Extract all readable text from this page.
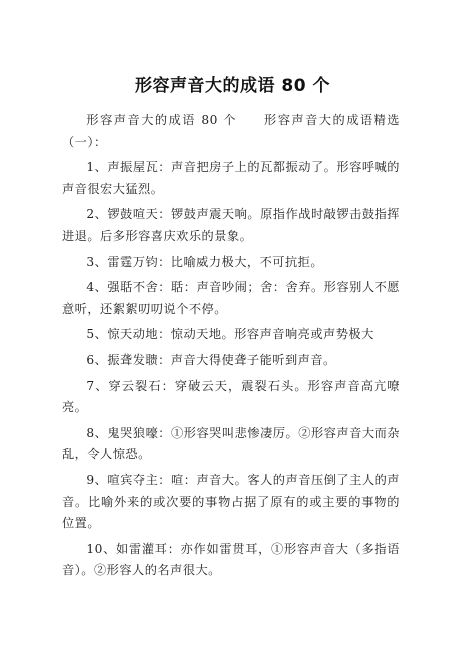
形容声音大的成语 80 个

形容声音大的成语 80 个 形容声音大的成语精选（一）：

1、声振屋瓦：声音把房子上的瓦都振动了。形容呼喊的声音很宏大猛烈。

2、锣鼓喧天：锣鼓声震天响。原指作战时敲锣击鼓指挥进退。后多形容喜庆欢乐的景象。

3、雷霆万钧：比喻威力极大，不可抗拒。

4、强聒不舍：聒：声音吵闹；舍：舍弃。形容别人不愿意听，还絮絮叨叨说个不停。

5、惊天动地：惊动天地。形容声音响亮或声势极大

6、振聋发聩：声音大得使聋子能听到声音。

7、穿云裂石：穿破云天，震裂石头。形容声音高亢嘹亮。

8、鬼哭狼嚎：①形容哭叫悲惨凄厉。②形容声音大而杂乱，令人惊恐。

9、喧宾夺主：喧：声音大。客人的声音压倒了主人的声音。比喻外来的或次要的事物占据了原有的或主要的事物的位置。

10、如雷灌耳：亦作如雷贯耳，①形容声音大（多指语音）。②形容人的名声很大。
